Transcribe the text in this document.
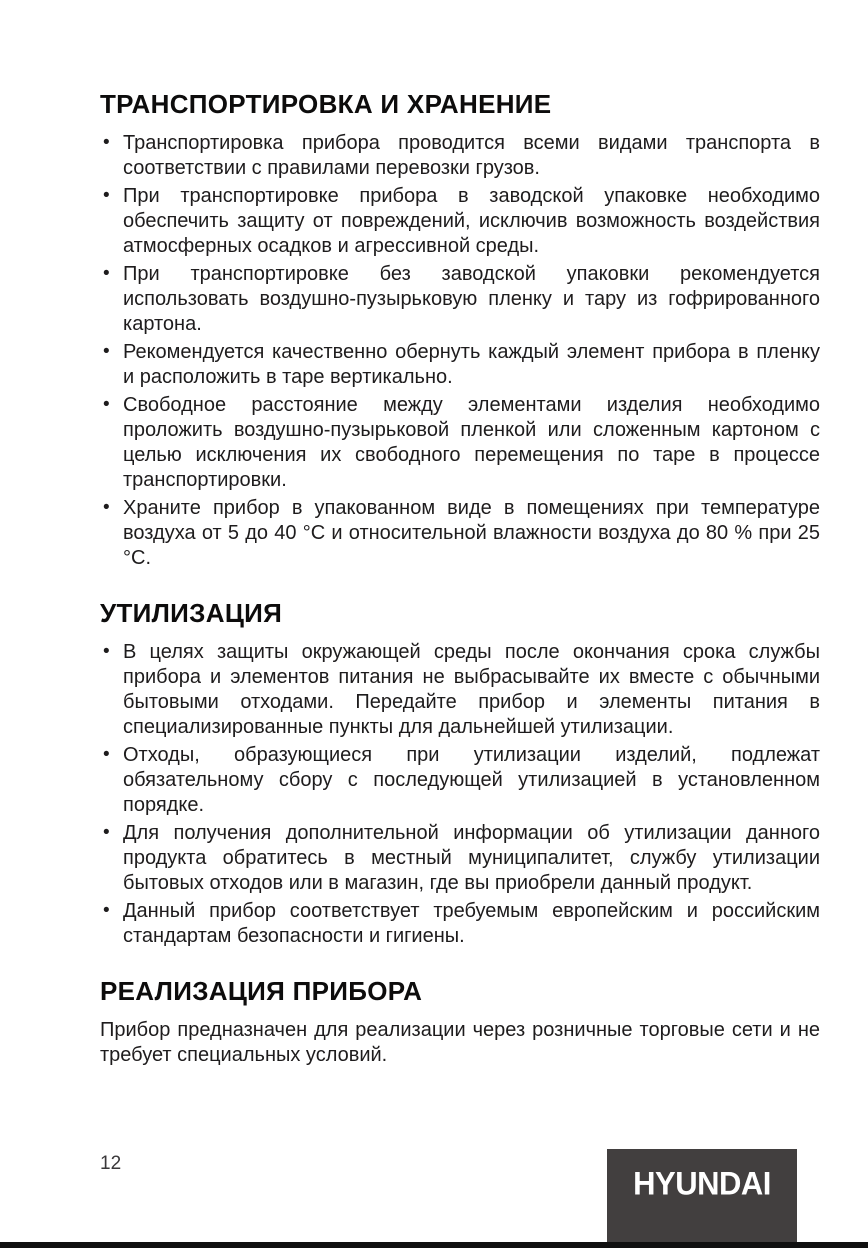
ТРАНСПОРТИРОВКА И ХРАНЕНИЕ
• Транспортировка прибора проводится всеми видами транспорта в соответствии с правилами перевозки грузов.
• При транспортировке прибора в заводской упаковке необходимо обеспечить защиту от повреждений, исключив возможность воздействия атмосферных осадков и агрессивной среды.
• При транспортировке без заводской упаковки рекомендуется использовать воздушно-пузырьковую пленку и тару из гофрированного картона.
• Рекомендуется качественно обернуть каждый элемент прибора в пленку и расположить в таре вертикально.
• Свободное расстояние между элементами изделия необходимо проложить воздушно-пузырьковой пленкой или сложенным картоном с целью исключения их свободного перемещения по таре в процессе транспортировки.
• Храните прибор в упакованном виде в помещениях при температуре воздуха от 5 до 40 °С и относительной влажности воздуха до 80 % при 25 °С.
УТИЛИЗАЦИЯ
• В целях защиты окружающей среды после окончания срока службы прибора и элементов питания не выбрасывайте их вместе с обычными бытовыми отходами. Передайте прибор и элементы питания в специализированные пункты для дальнейшей утилизации.
• Отходы, образующиеся при утилизации изделий, подлежат обязательному сбору с последующей утилизацией в установленном порядке.
• Для получения дополнительной информации об утилизации данного продукта обратитесь в местный муниципалитет, службу утилизации бытовых отходов или в магазин, где вы приобрели данный продукт.
• Данный прибор соответствует требуемым европейским и российским стандартам безопасности и гигиены.
РЕАЛИЗАЦИЯ ПРИБОРА

Прибор предназначен для реализации через розничные торговые сети и не требует специальных условий.

12
HYUNDAI
